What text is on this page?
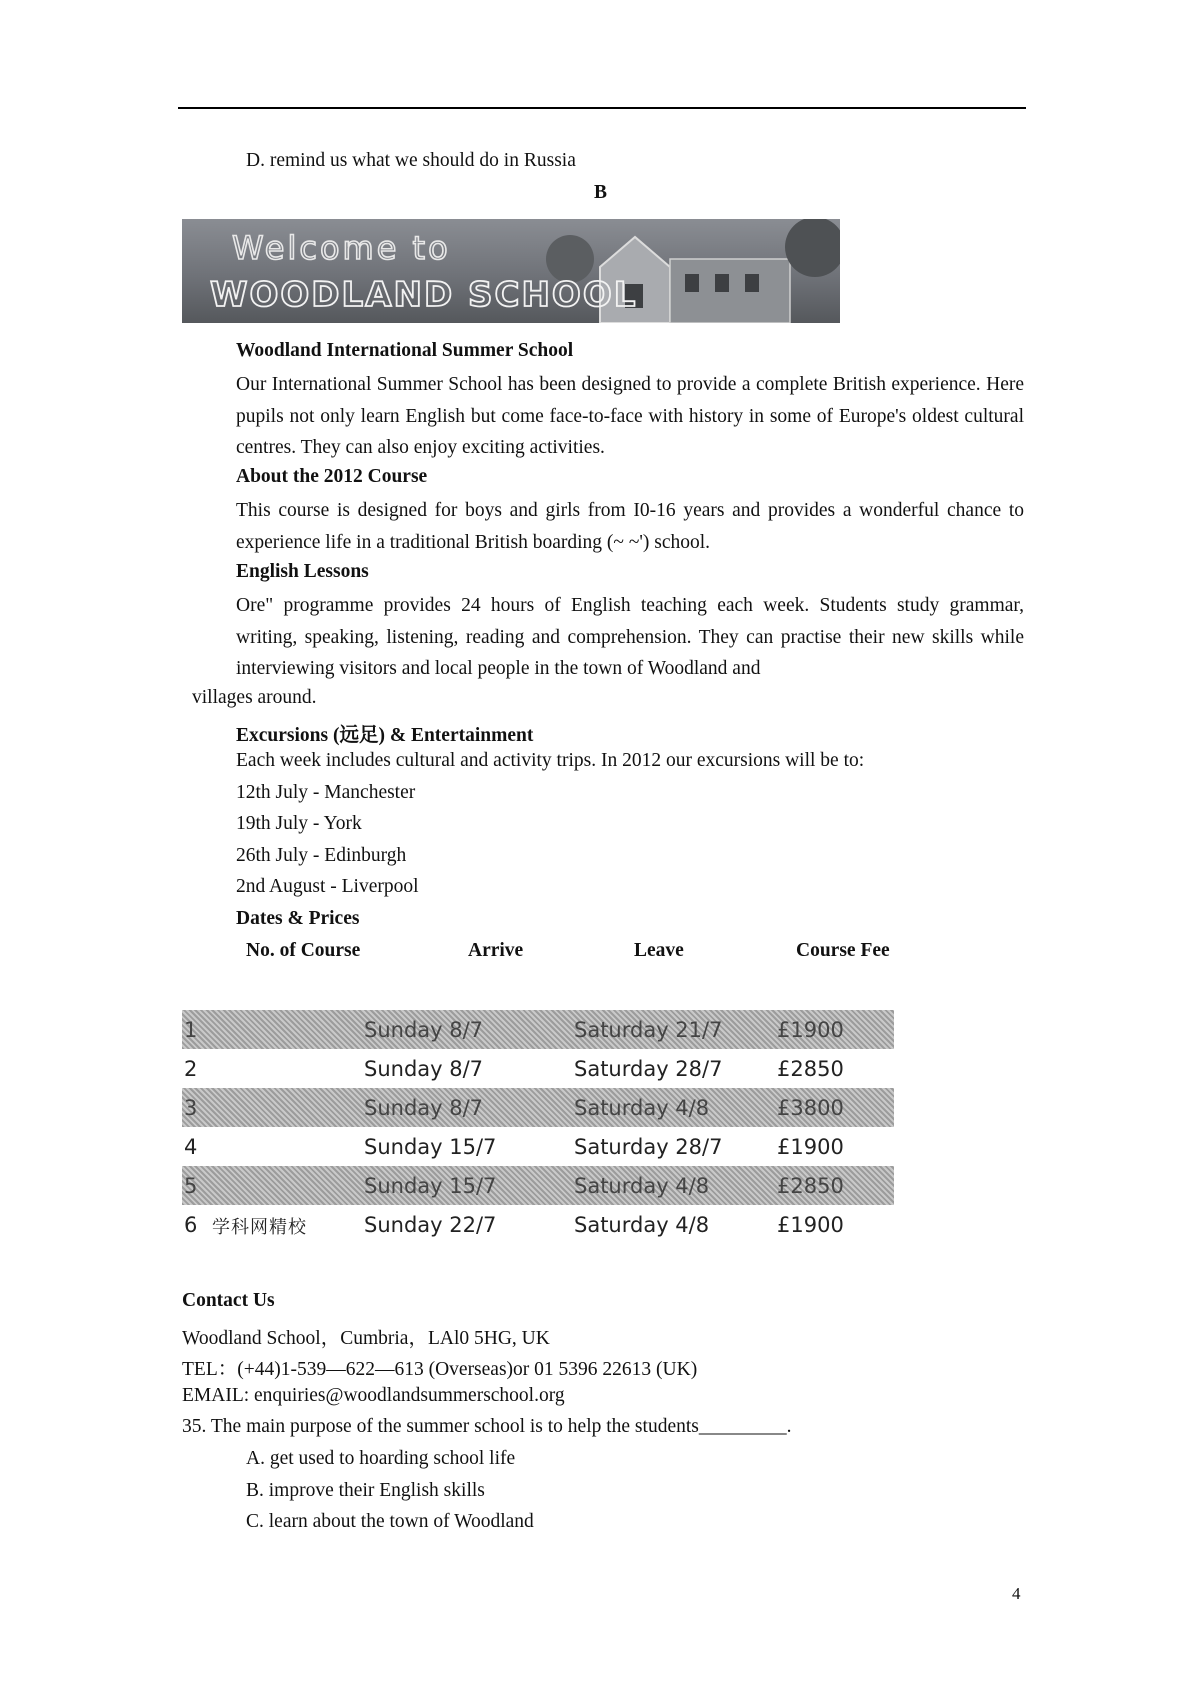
D. remind us what we should do in Russia
B
Welcome to
WOODLAND SCHOOL
Woodland International Summer School
Our International Summer School has been designed to provide a complete British experience. Here pupils not only learn English but come face-to-face with history in some of Europe's oldest cultural centres. They can also enjoy exciting activities.
About the 2012 Course
This course is designed for boys and girls from I0-16 years and provides a wonderful chance to experience life in a traditional British boarding (~ ~') school.
English Lessons
Ore" programme provides 24 hours of English teaching each week. Students study grammar, writing, speaking, listening, reading and comprehension. They can practise their new skills while interviewing visitors and local people in the town of Woodland and
villages around.
Excursions (远足) & Entertainment
Each week includes cultural and activity trips. In 2012 our excursions will be to:
12th July - Manchester
19th July - York
26th July - Edinburgh
2nd August - Liverpool
Dates & Prices
No. of Course	Arrive	Leave	Course Fee
1	Sunday 8/7	Saturday 21/7	£1900
2	Sunday 8/7	Saturday 28/7	£2850
3	Sunday 8/7	Saturday 4/8	£3800
4	Sunday 15/7	Saturday 28/7	£1900
5	Sunday 15/7	Saturday 4/8	£2850
6 学科网精校	Sunday 22/7	Saturday 4/8	£1900
Contact Us
Woodland School，Cumbria，LAl0 5HG, UK
TEL：(+44)1-539—622—613 (Overseas)or 01 5396 22613 (UK)
EMAIL: enquiries@woodlandsummerschool.org
35. The main purpose of the summer school is to help the students_________.
A. get used to hoarding school life
B. improve their English skills
C. learn about the town of Woodland
4
